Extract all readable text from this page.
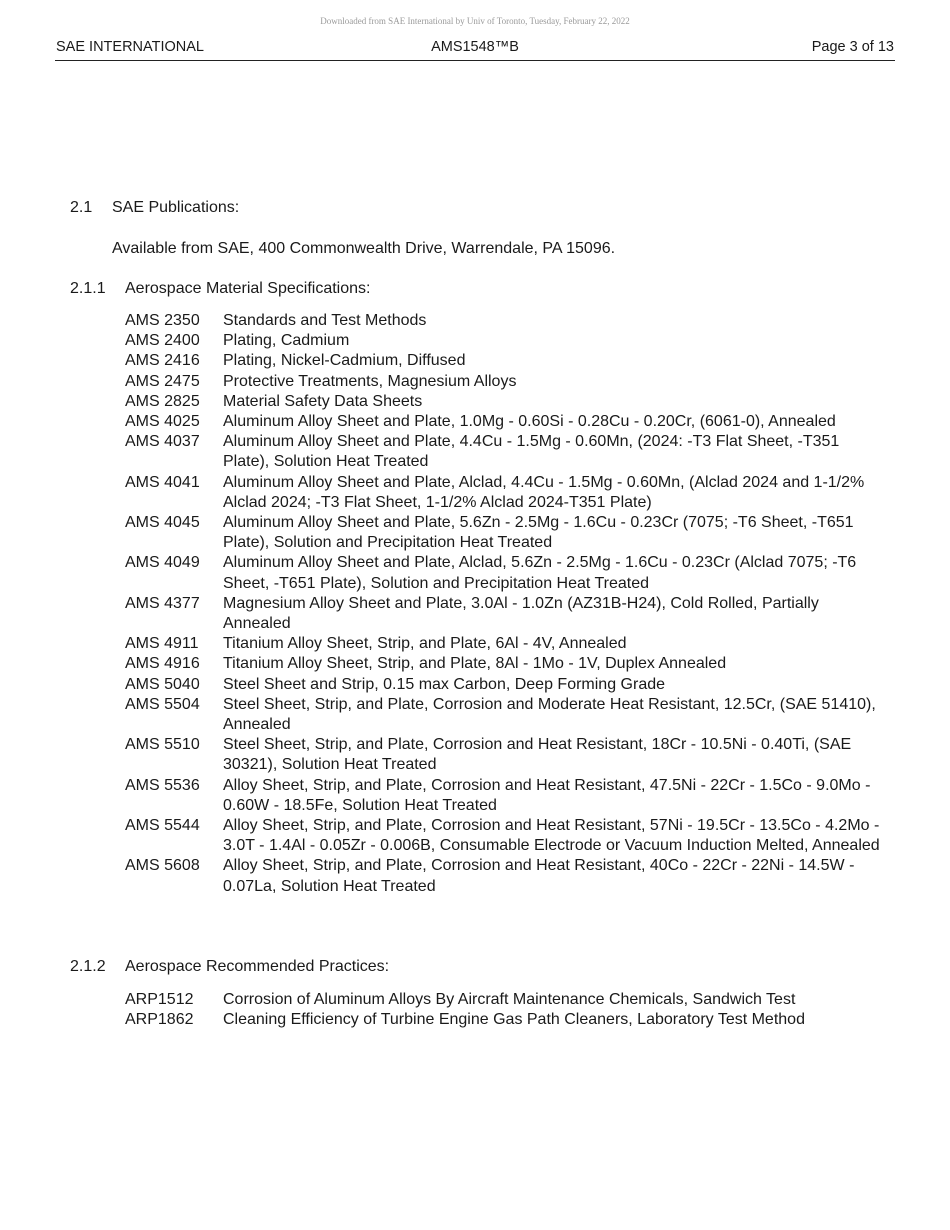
Downloaded from SAE International by Univ of Toronto, Tuesday, February 22, 2022
SAE INTERNATIONAL	AMS1548™B	Page 3 of 13
2.1 SAE Publications:
Available from SAE, 400 Commonwealth Drive, Warrendale, PA 15096.
2.1.1 Aerospace Material Specifications:
AMS 2350	Standards and Test Methods
AMS 2400	Plating, Cadmium
AMS 2416	Plating, Nickel-Cadmium, Diffused
AMS 2475	Protective Treatments, Magnesium Alloys
AMS 2825	Material Safety Data Sheets
AMS 4025	Aluminum Alloy Sheet and Plate, 1.0Mg - 0.60Si - 0.28Cu - 0.20Cr, (6061-0), Annealed
AMS 4037	Aluminum Alloy Sheet and Plate, 4.4Cu - 1.5Mg - 0.60Mn, (2024: -T3 Flat Sheet, -T351 Plate), Solution Heat Treated
AMS 4041	Aluminum Alloy Sheet and Plate, Alclad, 4.4Cu - 1.5Mg - 0.60Mn, (Alclad 2024 and 1-1/2% Alclad 2024; -T3 Flat Sheet, 1-1/2% Alclad 2024-T351 Plate)
AMS 4045	Aluminum Alloy Sheet and Plate, 5.6Zn - 2.5Mg - 1.6Cu - 0.23Cr (7075; -T6 Sheet, -T651 Plate), Solution and Precipitation Heat Treated
AMS 4049	Aluminum Alloy Sheet and Plate, Alclad, 5.6Zn - 2.5Mg - 1.6Cu - 0.23Cr (Alclad 7075; -T6 Sheet, -T651 Plate), Solution and Precipitation Heat Treated
AMS 4377	Magnesium Alloy Sheet and Plate, 3.0Al - 1.0Zn (AZ31B-H24), Cold Rolled, Partially Annealed
AMS 4911	Titanium Alloy Sheet, Strip, and Plate, 6Al - 4V, Annealed
AMS 4916	Titanium Alloy Sheet, Strip, and Plate, 8Al - 1Mo - 1V, Duplex Annealed
AMS 5040	Steel Sheet and Strip, 0.15 max Carbon, Deep Forming Grade
AMS 5504	Steel Sheet, Strip, and Plate, Corrosion and Moderate Heat Resistant, 12.5Cr, (SAE 51410), Annealed
AMS 5510	Steel Sheet, Strip, and Plate, Corrosion and Heat Resistant, 18Cr - 10.5Ni - 0.40Ti, (SAE 30321), Solution Heat Treated
AMS 5536	Alloy Sheet, Strip, and Plate, Corrosion and Heat Resistant, 47.5Ni - 22Cr - 1.5Co - 9.0Mo - 0.60W - 18.5Fe, Solution Heat Treated
AMS 5544	Alloy Sheet, Strip, and Plate, Corrosion and Heat Resistant, 57Ni - 19.5Cr - 13.5Co - 4.2Mo - 3.0T - 1.4Al - 0.05Zr - 0.006B, Consumable Electrode or Vacuum Induction Melted, Annealed
AMS 5608	Alloy Sheet, Strip, and Plate, Corrosion and Heat Resistant, 40Co - 22Cr - 22Ni - 14.5W - 0.07La, Solution Heat Treated
2.1.2 Aerospace Recommended Practices:
ARP1512	Corrosion of Aluminum Alloys By Aircraft Maintenance Chemicals, Sandwich Test
ARP1862	Cleaning Efficiency of Turbine Engine Gas Path Cleaners, Laboratory Test Method
